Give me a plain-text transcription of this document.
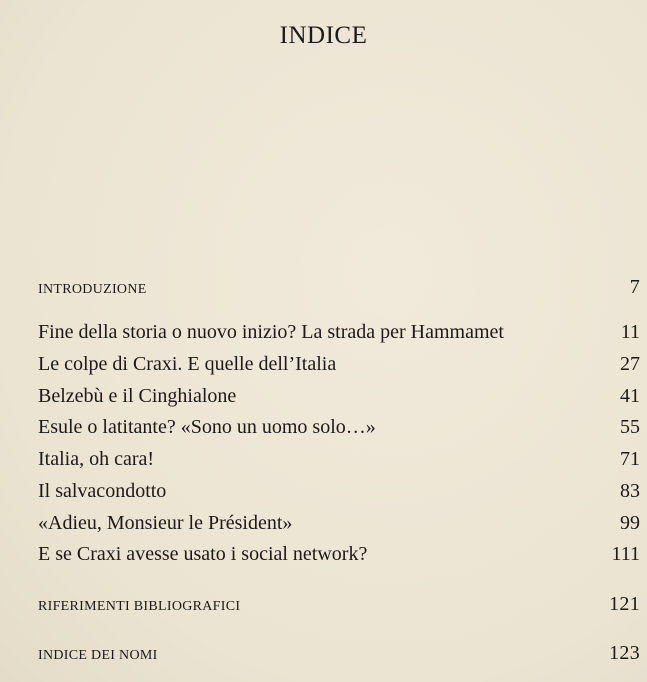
INDICE
INTRODUZIONE	7
Fine della storia o nuovo inizio? La strada per Hammamet	11
Le colpe di Craxi. E quelle dell’Italia	27
Belzebù e il Cinghialone	41
Esule o latitante? «Sono un uomo solo…»	55
Italia, oh cara!	71
Il salvacondotto	83
«Adieu, Monsieur le Président»	99
E se Craxi avesse usato i social network?	111
RIFERIMENTI BIBLIOGRAFICI	121
INDICE DEI NOMI	123
